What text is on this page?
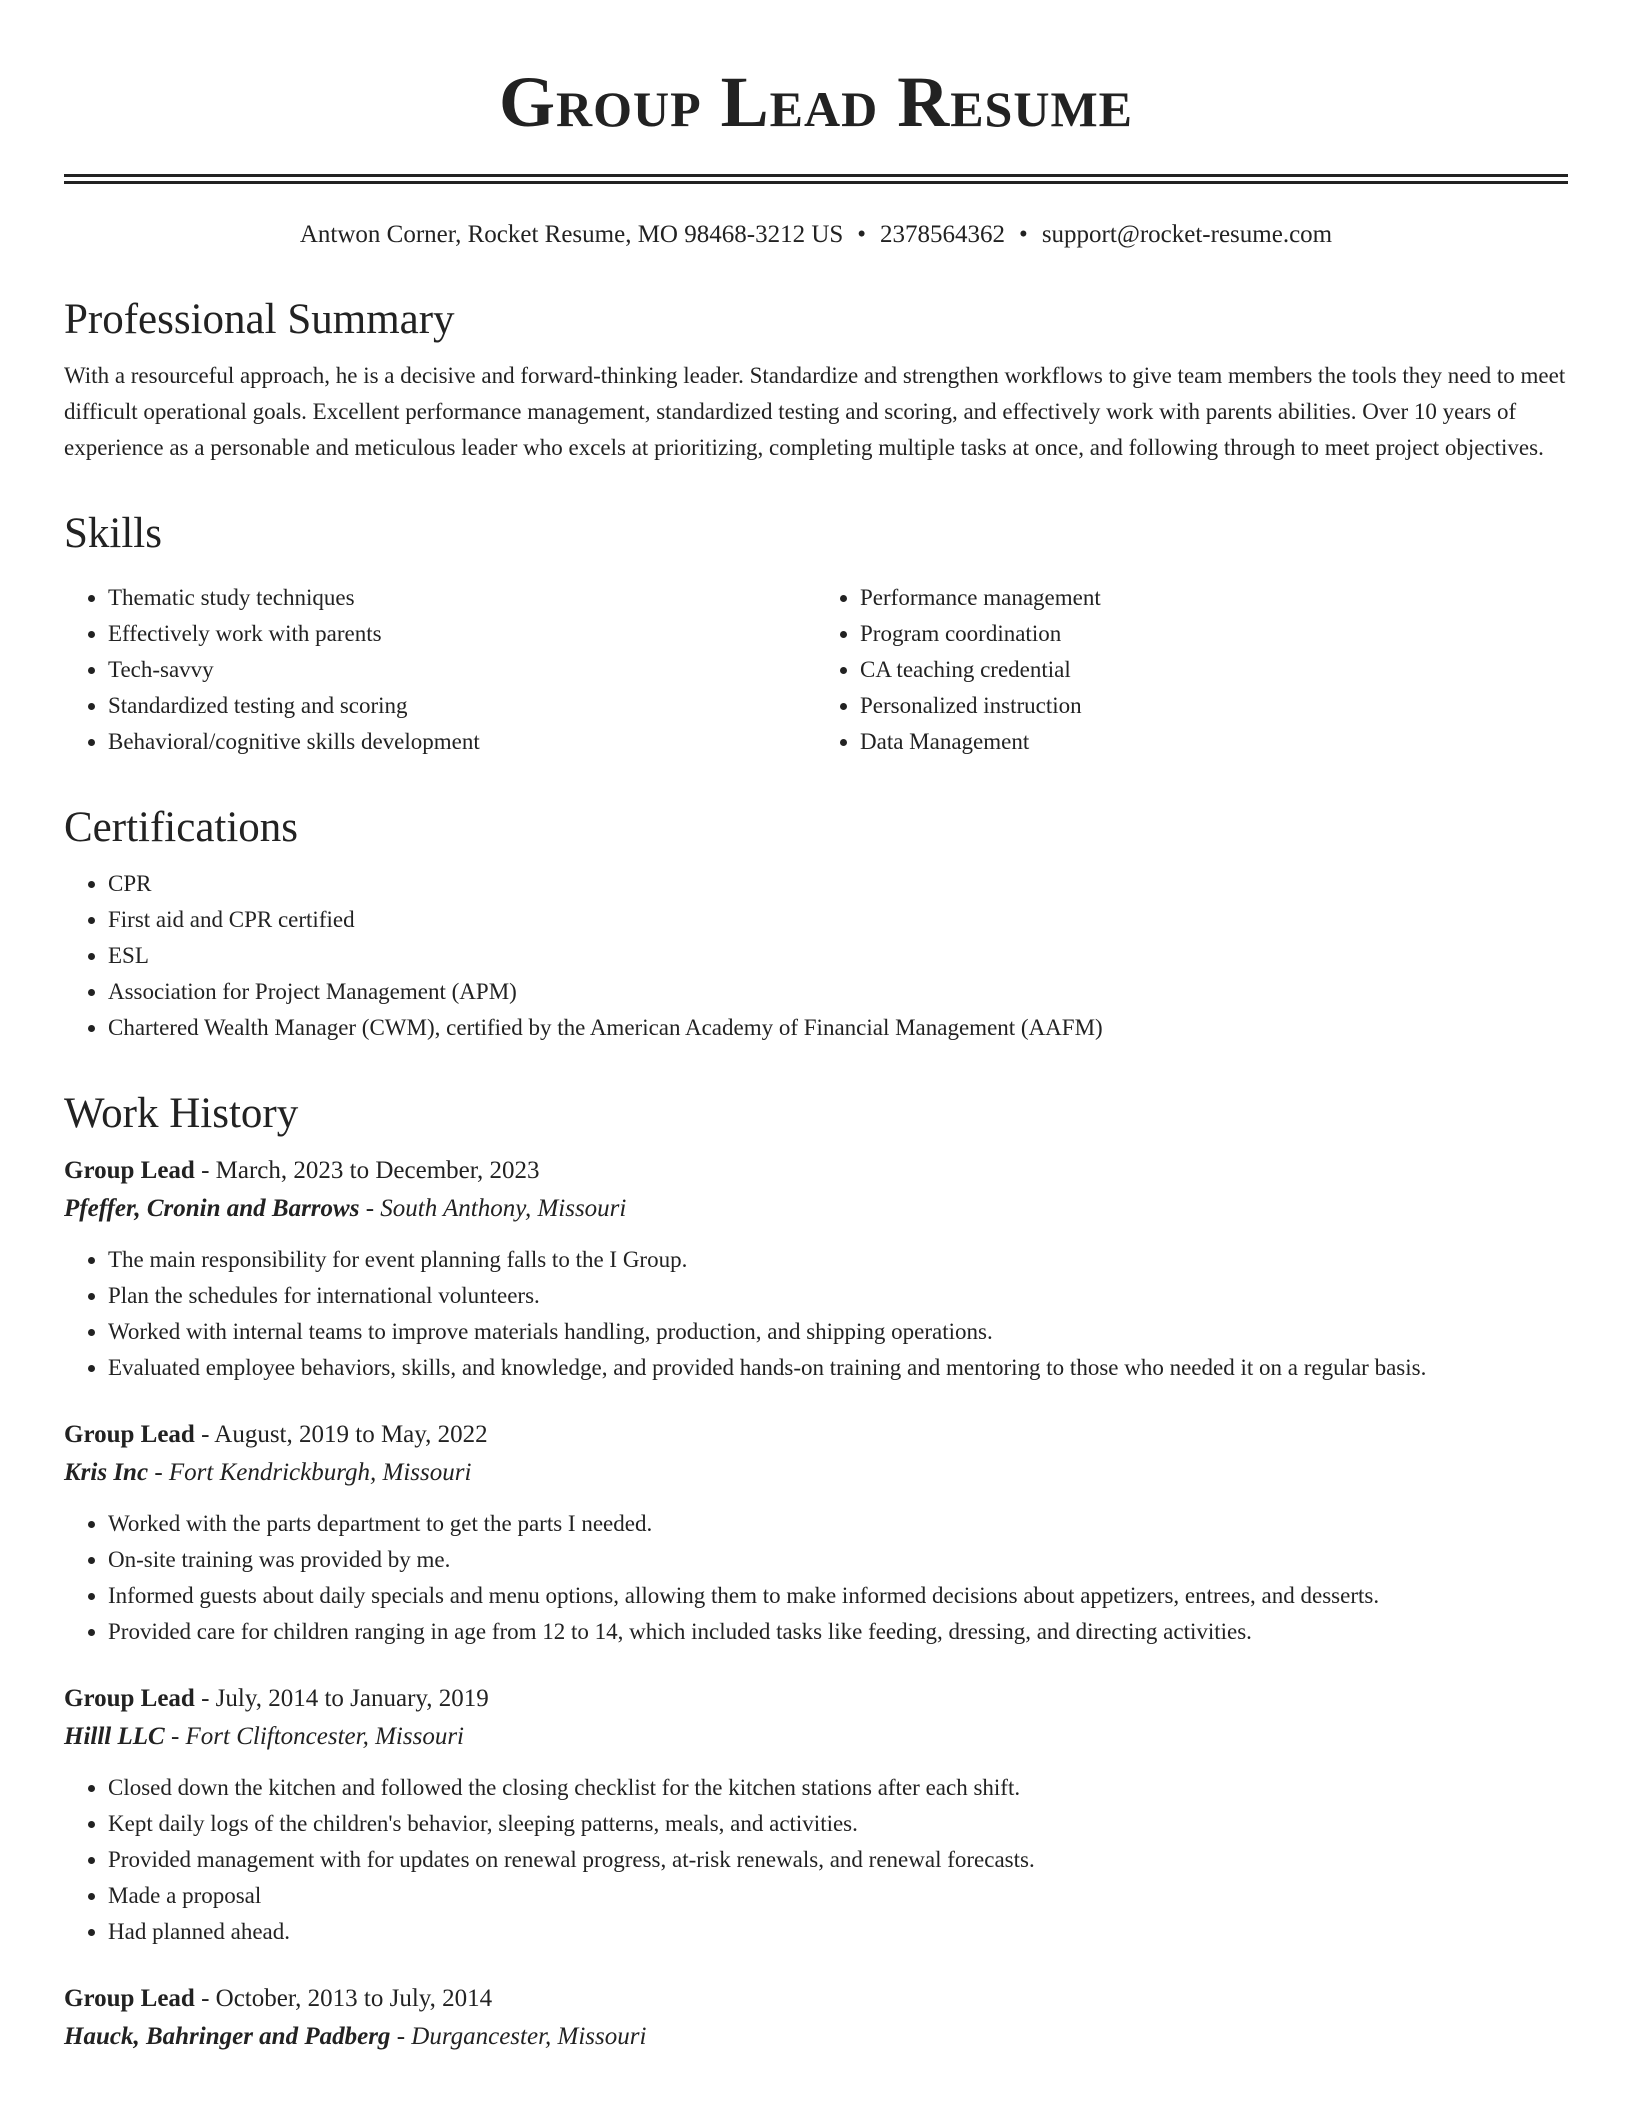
Group Lead Resume
Antwon Corner, Rocket Resume, MO 98468-3212 US • 2378564362 • support@rocket-resume.com
Professional Summary

With a resourceful approach, he is a decisive and forward-thinking leader. Standardize and strengthen workflows to give team members the tools they need to meet difficult operational goals. Excellent performance management, standardized testing and scoring, and effectively work with parents abilities. Over 10 years of experience as a personable and meticulous leader who excels at prioritizing, completing multiple tasks at once, and following through to meet project objectives.

Skills
• Thematic study techniques
• Effectively work with parents
• Tech-savvy
• Standardized testing and scoring
• Behavioral/cognitive skills development
• Performance management
• Program coordination
• CA teaching credential
• Personalized instruction
• Data Management
Certifications
• CPR
• First aid and CPR certified
• ESL
• Association for Project Management (APM)
• Chartered Wealth Manager (CWM), certified by the American Academy of Financial Management (AAFM)
Work History
Group Lead - March, 2023 to December, 2023
Pfeffer, Cronin and Barrows - South Anthony, Missouri
• The main responsibility for event planning falls to the I Group.
• Plan the schedules for international volunteers.
• Worked with internal teams to improve materials handling, production, and shipping operations.
• Evaluated employee behaviors, skills, and knowledge, and provided hands-on training and mentoring to those who needed it on a regular basis.
Group Lead - August, 2019 to May, 2022
Kris Inc - Fort Kendrickburgh, Missouri
• Worked with the parts department to get the parts I needed.
• On-site training was provided by me.
• Informed guests about daily specials and menu options, allowing them to make informed decisions about appetizers, entrees, and desserts.
• Provided care for children ranging in age from 12 to 14, which included tasks like feeding, dressing, and directing activities.
Group Lead - July, 2014 to January, 2019
Hilll LLC - Fort Cliftoncester, Missouri
• Closed down the kitchen and followed the closing checklist for the kitchen stations after each shift.
• Kept daily logs of the children's behavior, sleeping patterns, meals, and activities.
• Provided management with for updates on renewal progress, at-risk renewals, and renewal forecasts.
• Made a proposal
• Had planned ahead.
Group Lead - October, 2013 to July, 2014
Hauck, Bahringer and Padberg - Durgancester, Missouri
